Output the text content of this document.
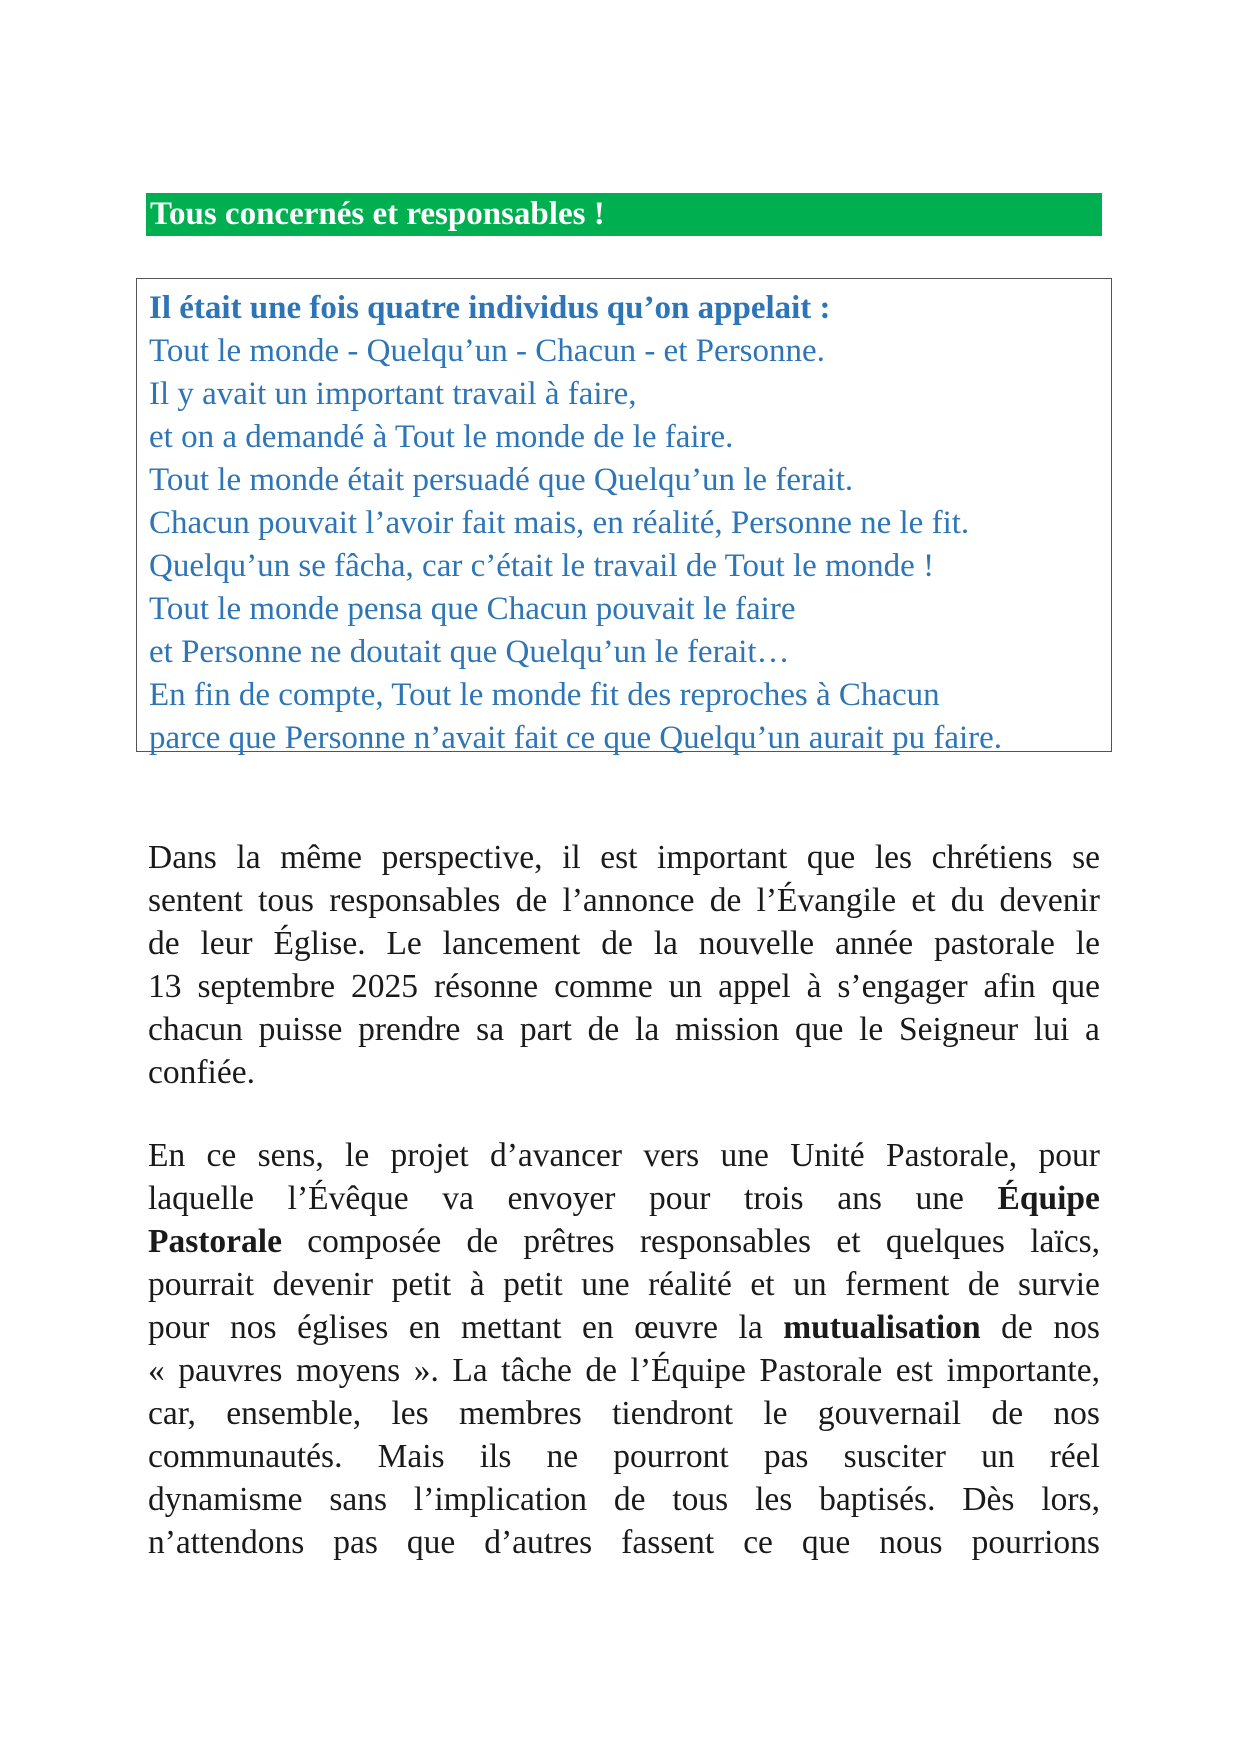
Tous concernés et responsables !
Il était une fois quatre individus qu’on appelait :
Tout le monde - Quelqu’un - Chacun - et Personne.
Il y avait un important travail à faire,
et on a demandé à Tout le monde de le faire.
Tout le monde était persuadé que Quelqu’un le ferait.
Chacun pouvait l’avoir fait mais, en réalité, Personne ne le fit.
Quelqu’un se fâcha, car c’était le travail de Tout le monde !
Tout le monde pensa que Chacun pouvait le faire
et Personne ne doutait que Quelqu’un le ferait…
En fin de compte, Tout le monde fit des reproches à Chacun
parce que Personne n’avait fait ce que Quelqu’un aurait pu faire.
Dans la même perspective, il est important que les chrétiens se
sentent tous responsables de l’annonce de l’Évangile et du devenir
de leur Église. Le lancement de la nouvelle année pastorale le
13 septembre 2025 résonne comme un appel à s’engager afin que
chacun puisse prendre sa part de la mission que le Seigneur lui a
confiée.
En ce sens, le projet d’avancer vers une Unité Pastorale, pour
laquelle l’Évêque va envoyer pour trois ans une Équipe
Pastorale composée de prêtres responsables et quelques laïcs,
pourrait devenir petit à petit une réalité et un ferment de survie
pour nos églises en mettant en œuvre la mutualisation de nos
« pauvres moyens ». La tâche de l’Équipe Pastorale est importante,
car, ensemble, les membres tiendront le gouvernail de nos
communautés. Mais ils ne pourront pas susciter un réel
dynamisme sans l’implication de tous les baptisés. Dès lors,
n’attendons pas que d’autres fassent ce que nous pourrions
